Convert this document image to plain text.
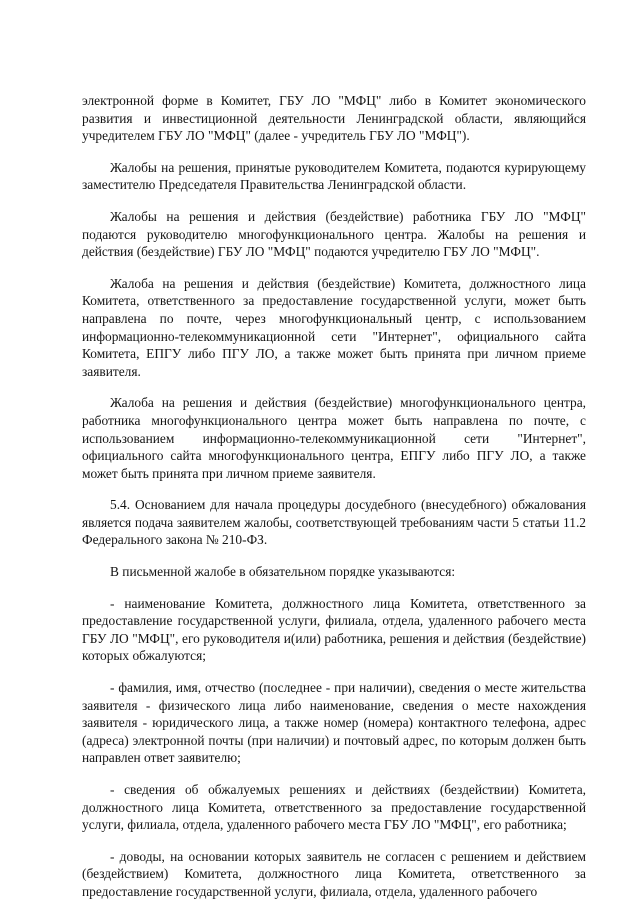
электронной форме в Комитет, ГБУ ЛО "МФЦ" либо в Комитет экономического развития и инвестиционной деятельности Ленинградской области, являющийся учредителем ГБУ ЛО "МФЦ" (далее - учредитель ГБУ ЛО "МФЦ").

Жалобы на решения, принятые руководителем Комитета, подаются курирующему заместителю Председателя Правительства Ленинградской области.

Жалобы на решения и действия (бездействие) работника ГБУ ЛО "МФЦ" подаются руководителю многофункционального центра. Жалобы на решения и действия (бездействие) ГБУ ЛО "МФЦ" подаются учредителю ГБУ ЛО "МФЦ".

Жалоба на решения и действия (бездействие) Комитета, должностного лица Комитета, ответственного за предоставление государственной услуги, может быть направлена по почте, через многофункциональный центр, с использованием информационно-телекоммуникационной сети "Интернет", официального сайта Комитета, ЕПГУ либо ПГУ ЛО, а также может быть принята при личном приеме заявителя.

Жалоба на решения и действия (бездействие) многофункционального центра, работника многофункционального центра может быть направлена по почте, с использованием информационно-телекоммуникационной сети "Интернет", официального сайта многофункционального центра, ЕПГУ либо ПГУ ЛО, а также может быть принята при личном приеме заявителя.

5.4. Основанием для начала процедуры досудебного (внесудебного) обжалования является подача заявителем жалобы, соответствующей требованиям части 5 статьи 11.2 Федерального закона № 210-ФЗ.

В письменной жалобе в обязательном порядке указываются:

- наименование Комитета, должностного лица Комитета, ответственного за предоставление государственной услуги, филиала, отдела, удаленного рабочего места ГБУ ЛО "МФЦ", его руководителя и(или) работника, решения и действия (бездействие) которых обжалуются;

- фамилия, имя, отчество (последнее - при наличии), сведения о месте жительства заявителя - физического лица либо наименование, сведения о месте нахождения заявителя - юридического лица, а также номер (номера) контактного телефона, адрес (адреса) электронной почты (при наличии) и почтовый адрес, по которым должен быть направлен ответ заявителю;

- сведения об обжалуемых решениях и действиях (бездействии) Комитета, должностного лица Комитета, ответственного за предоставление государственной услуги, филиала, отдела, удаленного рабочего места ГБУ ЛО "МФЦ", его работника;

- доводы, на основании которых заявитель не согласен с решением и действием (бездействием) Комитета, должностного лица Комитета, ответственного за предоставление государственной услуги, филиала, отдела, удаленного рабочего
